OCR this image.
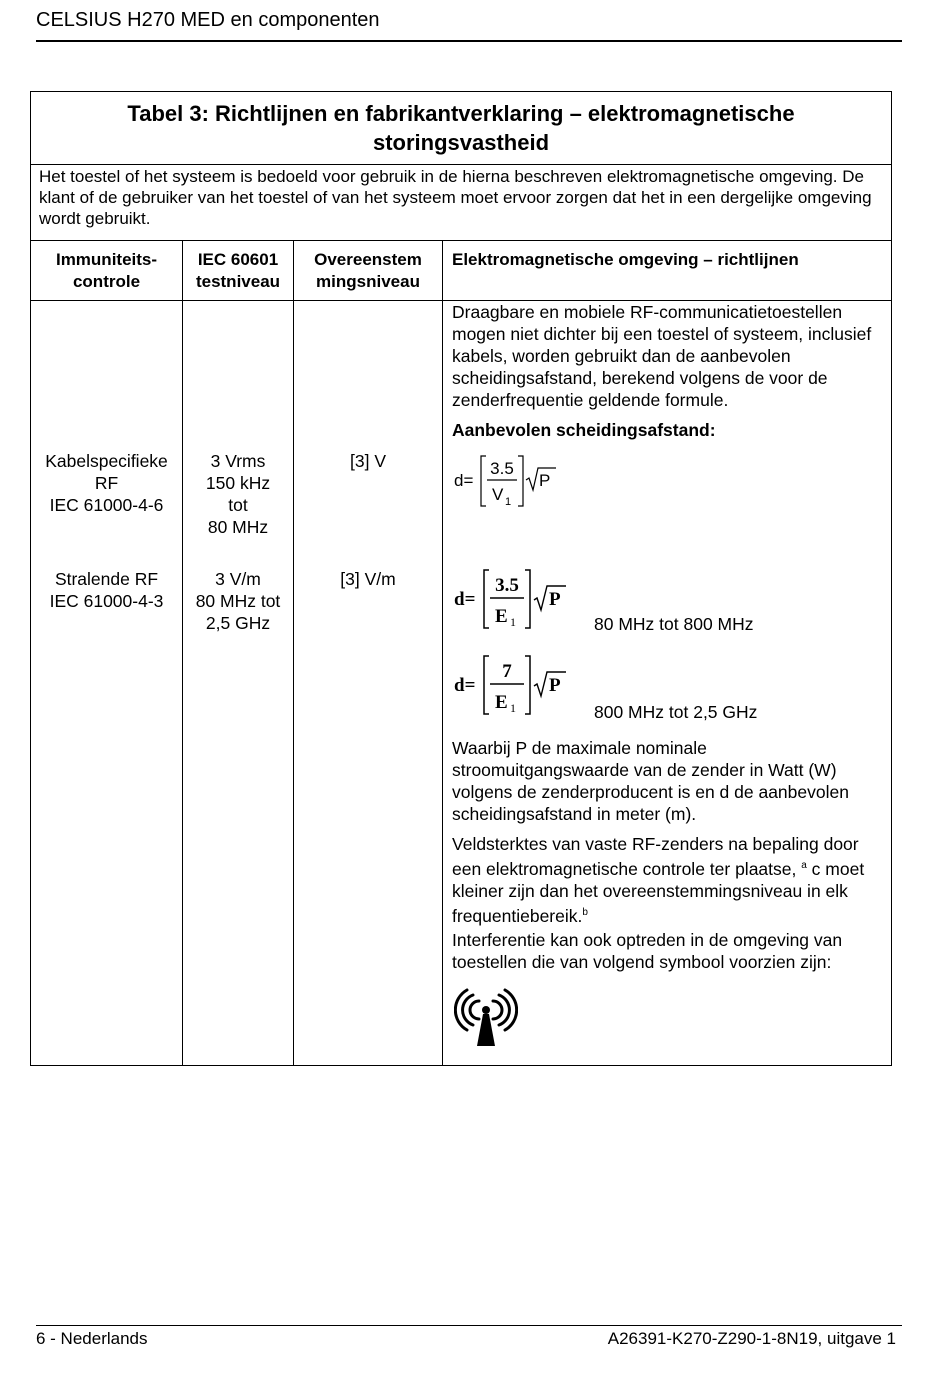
CELSIUS H270 MED en componenten
Tabel 3: Richtlijnen en fabrikantverklaring – elektromagnetische
storingsvastheid
Het toestel of het systeem is bedoeld voor gebruik in de hierna beschreven elektromagnetische omgeving. De klant of de gebruiker van het toestel of van het systeem moet ervoor zorgen dat het in een dergelijke omgeving wordt gebruikt.
Immuniteits-
controle
IEC 60601
testniveau
Overeenstem
mingsniveau
Elektromagnetische omgeving – richtlijnen
Kabelspecifieke
RF
IEC 61000-4-6
3 Vrms
150 kHz
tot
80 MHz
[3] V
Stralende RF
IEC 61000-4-3
3 V/m
80 MHz tot
2,5 GHz
[3] V/m
Draagbare en mobiele RF-communicatietoestellen mogen niet dichter bij een toestel of systeem, inclusief kabels, worden gebruikt dan de aanbevolen scheidingsafstand, berekend volgens de voor de zenderfrequentie geldende formule.
Aanbevolen scheidingsafstand:
d=
3.5
V 1
P
d=
3.5
E 1
P
80 MHz tot 800 MHz
d=
7
E 1
P
800 MHz tot 2,5 GHz
Waarbij P de maximale nominale stroomuitgangswaarde van de zender in Watt (W) volgens de zenderproducent is en d de aanbevolen scheidingsafstand in meter (m).
Veldsterktes van vaste RF-zenders na bepaling door een elektromagnetische controle ter plaatse, $^a$ c moet kleiner zijn dan het overeenstemmingsniveau in elk frequentiebereik.$^b$
Interferentie kan ook optreden in de omgeving van toestellen die van volgend symbool voorzien zijn:
6 - Nederlands	A26391-K270-Z290-1-8N19, uitgave 1
